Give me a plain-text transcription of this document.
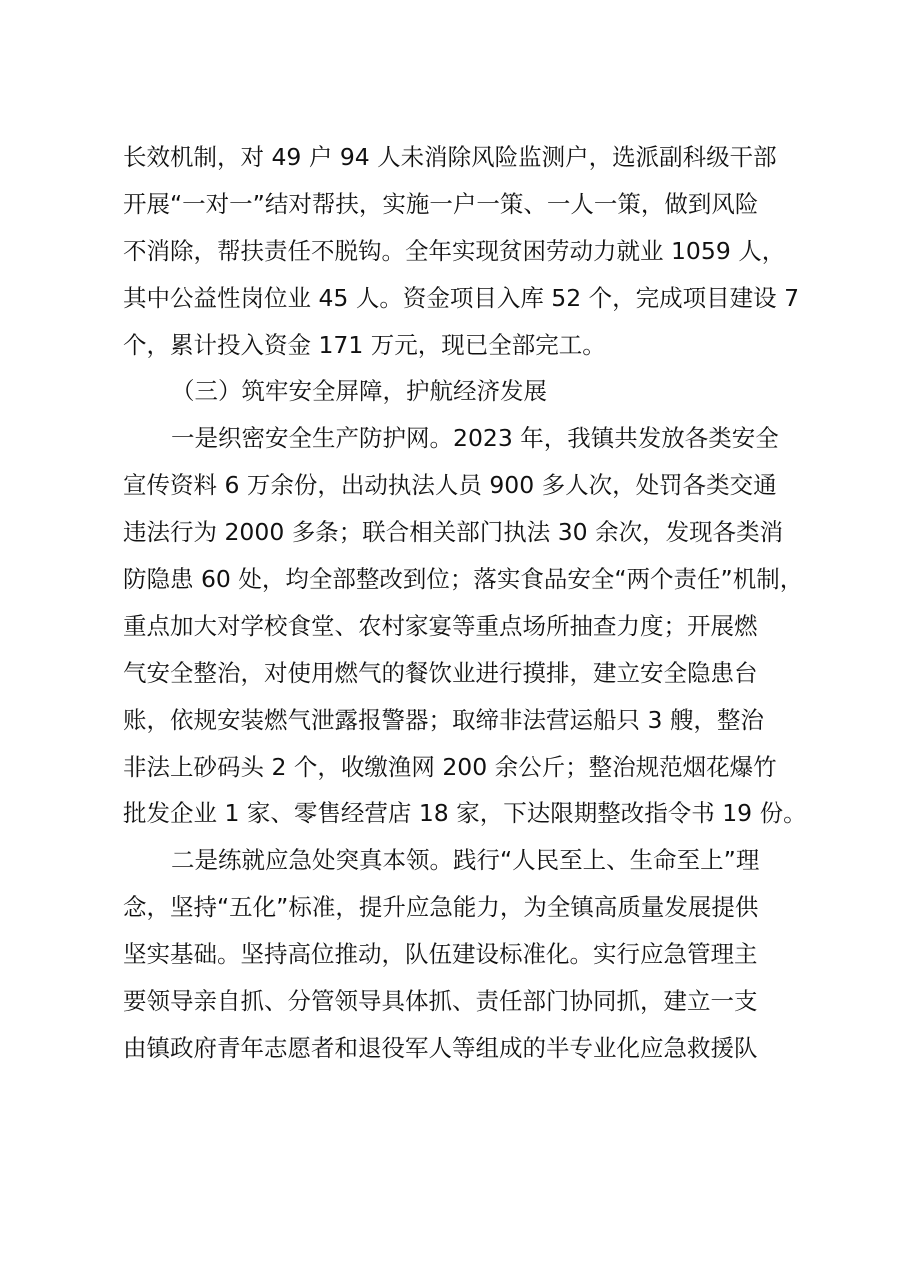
长效机制，对 49 户 94 人未消除风险监测户，选派副科级干部
开展“一对一”结对帮扶，实施一户一策、一人一策，做到风险
不消除，帮扶责任不脱钩。全年实现贫困劳动力就业 1059 人，
其中公益性岗位业 45 人。资金项目入库 52 个，完成项目建设 7
个，累计投入资金 171 万元，现已全部完工。
（三）筑牢安全屏障，护航经济发展
一是织密安全生产防护网。2023 年，我镇共发放各类安全
宣传资料 6 万余份，出动执法人员 900 多人次，处罚各类交通
违法行为 2000 多条；联合相关部门执法 30 余次，发现各类消
防隐患 60 处，均全部整改到位；落实食品安全“两个责任”机制，
重点加大对学校食堂、农村家宴等重点场所抽查力度；开展燃
气安全整治，对使用燃气的餐饮业进行摸排，建立安全隐患台
账，依规安装燃气泄露报警器；取缔非法营运船只 3 艘，整治
非法上砂码头 2 个，收缴渔网 200 余公斤；整治规范烟花爆竹
批发企业 1 家、零售经营店 18 家，下达限期整改指令书 19 份。
二是练就应急处突真本领。践行“人民至上、生命至上”理
念，坚持“五化”标准，提升应急能力，为全镇高质量发展提供
坚实基础。坚持高位推动，队伍建设标准化。实行应急管理主
要领导亲自抓、分管领导具体抓、责任部门协同抓，建立一支
由镇政府青年志愿者和退役军人等组成的半专业化应急救援队
